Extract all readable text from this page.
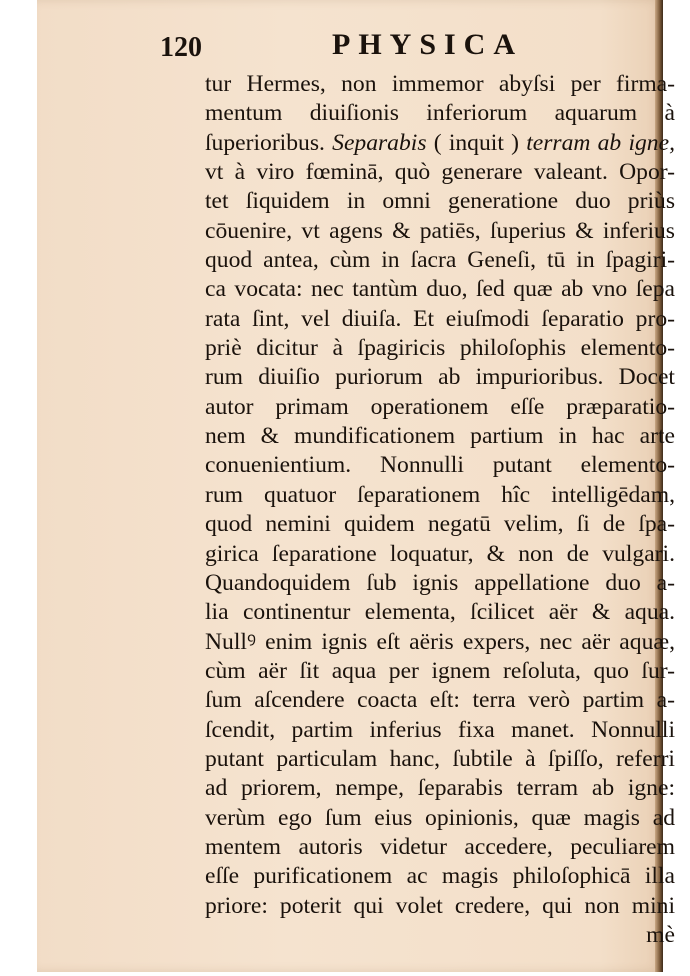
120	PHYSICA
tur Hermes, non immemor abyſsi per firma-
mentum diuiſionis inferiorum aquarum à
ſuperioribus. Separabis ( inquit ) terram ab igne,
vt à viro fœminā, quò generare valeant. Opor-
tet ſiquidem in omni generatione duo priùs
cōuenire, vt agens & patiēs, ſuperius & inferius
quod antea, cùm in ſacra Geneſi, tū in ſpagiri-
ca vocata: nec tantùm duo, ſed quæ ab vno ſepa
rata ſint, vel diuiſa. Et eiuſmodi ſeparatio pro-
priè dicitur à ſpagiricis philoſophis elemento-
rum diuiſio puriorum ab impurioribus. Docet
autor primam operationem eſſe præparatio-
nem & mundificationem partium in hac arte
conuenientium. Nonnulli putant elemento-
rum quatuor ſeparationem hîc intelligēdam,
quod nemini quidem negatū velim, ſi de ſpa-
girica ſeparatione loquatur, & non de vulgari.
Quandoquidem ſub ignis appellatione duo a-
lia continentur elementa, ſcilicet aër & aqua.
Nullꝰ enim ignis eſt aëris expers, nec aër aquæ,
cùm aër ſit aqua per ignem reſoluta, quo ſur-
ſum aſcendere coacta eſt: terra verò partim a-
ſcendit, partim inferius fixa manet. Nonnulli
putant particulam hanc, ſubtile à ſpiſſo, referri
ad priorem, nempe, ſeparabis terram ab igne:
verùm ego ſum eius opinionis, quæ magis ad
mentem autoris videtur accedere, peculiarem
eſſe purificationem ac magis philoſophicā illa
priore: poterit qui volet credere, qui non mini
mè
